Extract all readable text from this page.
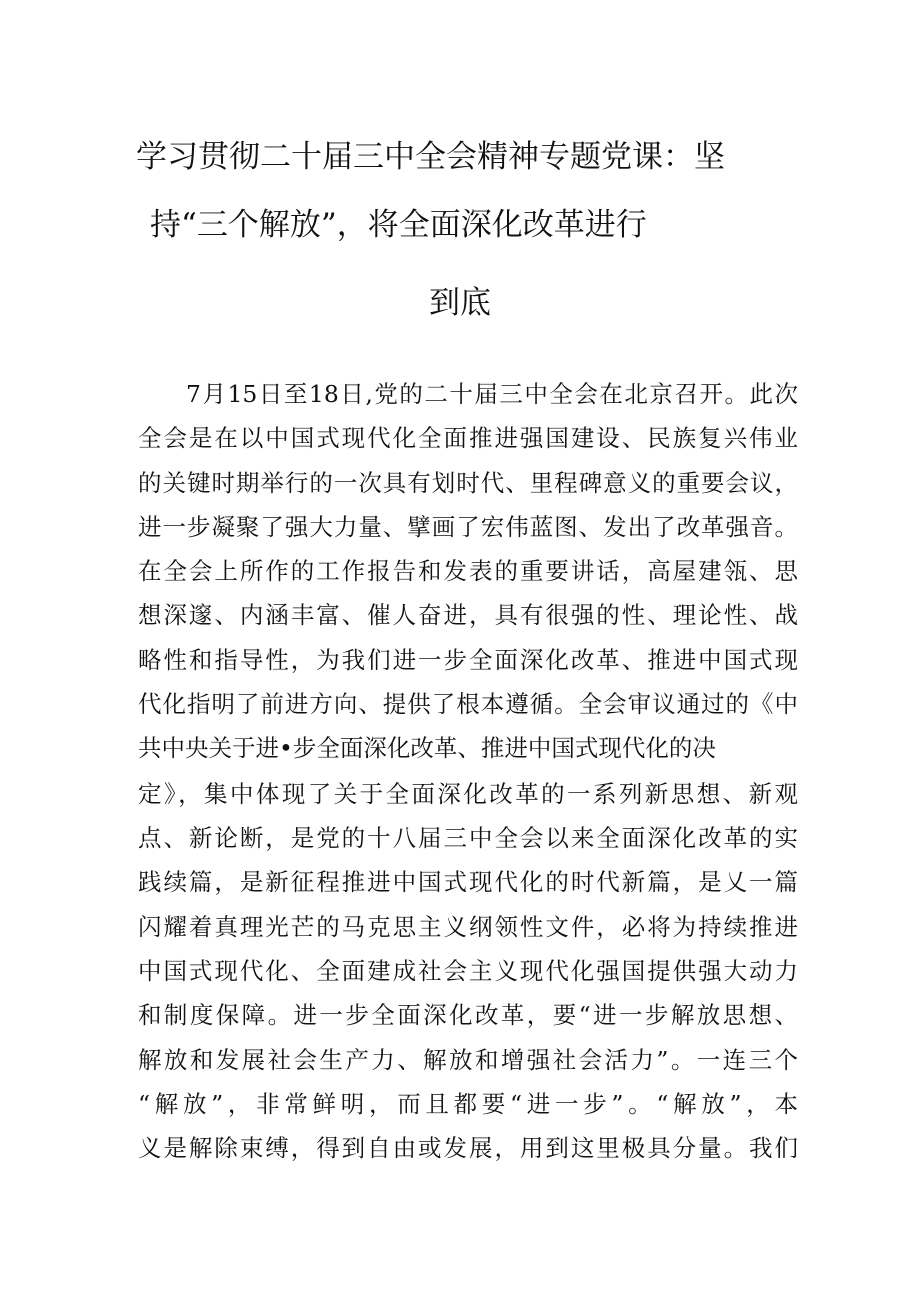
学习贯彻二十届三中全会精神专题党课：坚
持“三个解放”，将全面深化改革进行
到底

7月15日至18日,党的二十届三中全会在北京召开。此次

全会是在以中国式现代化全面推进强国建设、民族复兴伟业

的关键时期举行的一次具有划时代、里程碑意义的重要会议，

进一步凝聚了强大力量、擘画了宏伟蓝图、发出了改革强音。

在全会上所作的工作报告和发表的重要讲话，高屋建瓴、思

想深邃、内涵丰富、催人奋进，具有很强的性、理论性、战

略性和指导性，为我们进一步全面深化改革、推进中国式现

代化指明了前进方向、提供了根本遵循。全会审议通过的《中

共中央关于进•步全面深化改革、推进中国式现代化的决

定》，集中体现了关于全面深化改革的一系列新思想、新观

点、新论断，是党的十八届三中全会以来全面深化改革的实

践续篇，是新征程推进中国式现代化的时代新篇，是乂一篇

闪耀着真理光芒的马克思主义纲领性文件，必将为持续推进

中国式现代化、全面建成社会主义现代化强国提供强大动力

和制度保障。进一步全面深化改革，要“进一步解放思想、

解放和发展社会生产力、解放和增强社会活力”。一连三个

“解放”，非常鲜明，而且都要“进一步”。“解放”，本

义是解除束缚，得到自由或发展，用到这里极具分量。我们
